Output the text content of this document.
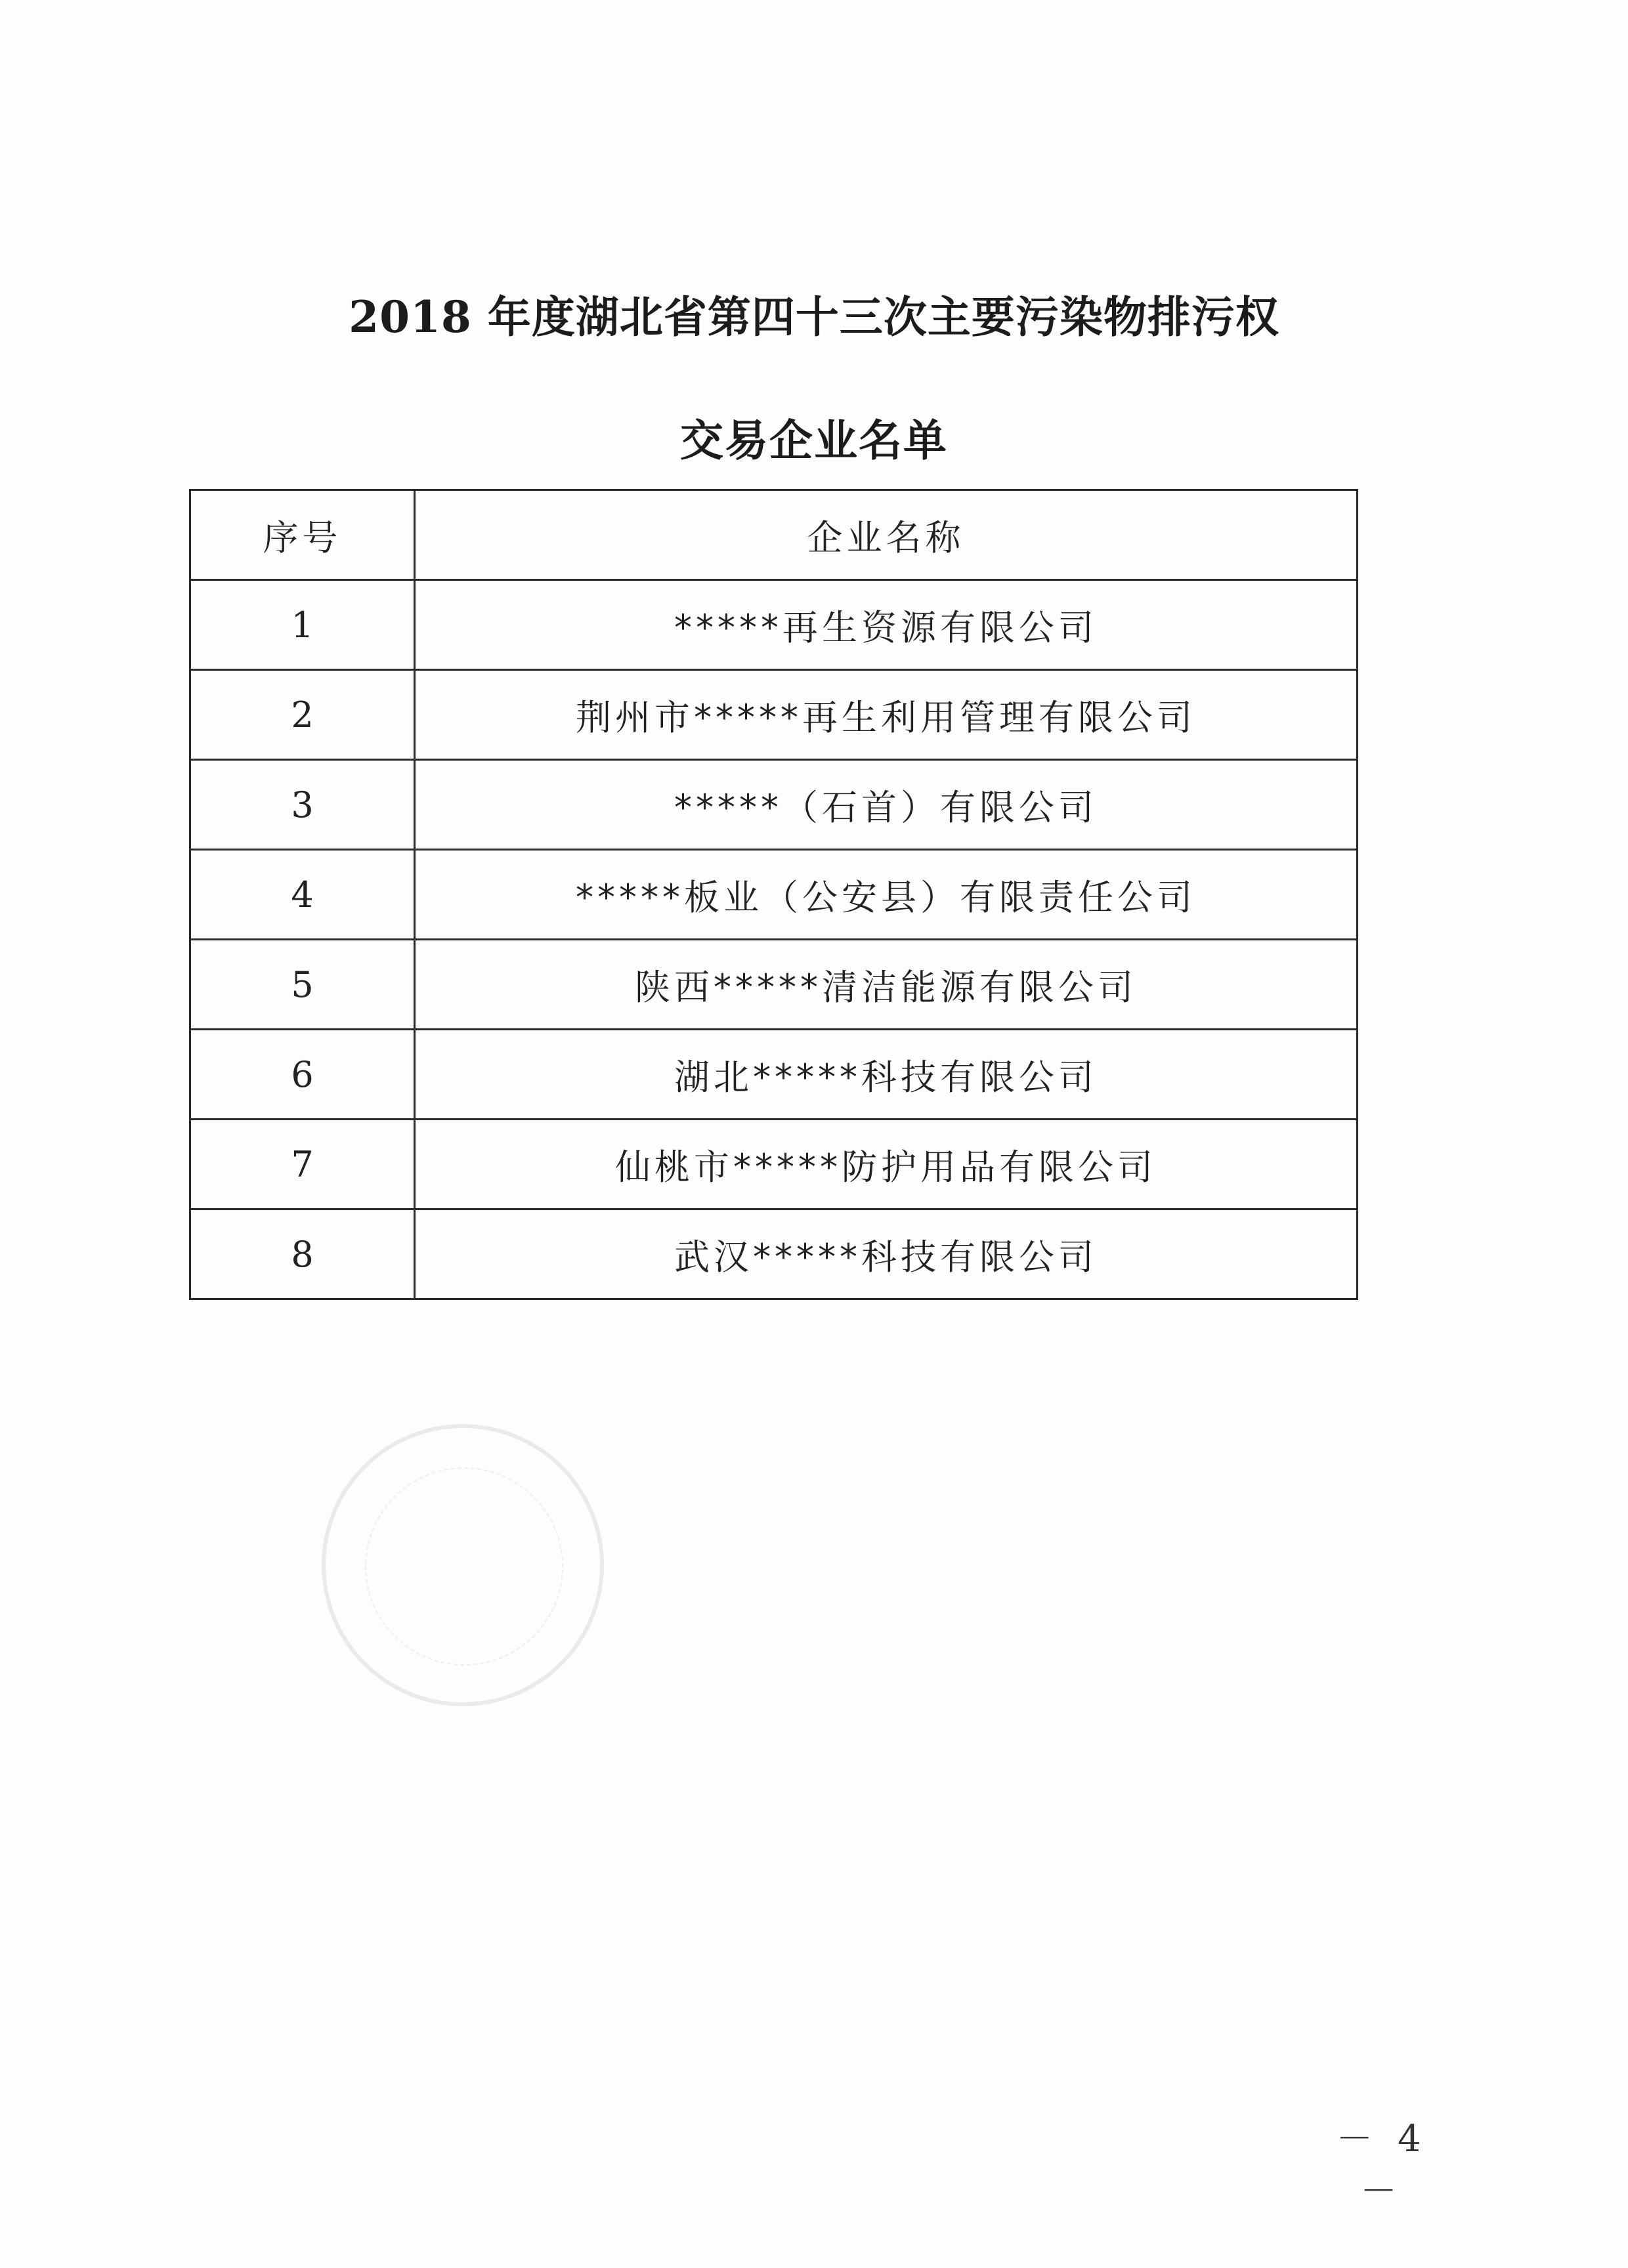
2018 年度湖北省第四十三次主要污染物排污权
交易企业名单
序号	企业名称
1	*****再生资源有限公司
2	荆州市*****再生利用管理有限公司
3	*****（石首）有限公司
4	*****板业（公安县）有限责任公司
5	陕西*****清洁能源有限公司
6	湖北*****科技有限公司
7	仙桃市*****防护用品有限公司
8	武汉*****科技有限公司
－ 4 －
